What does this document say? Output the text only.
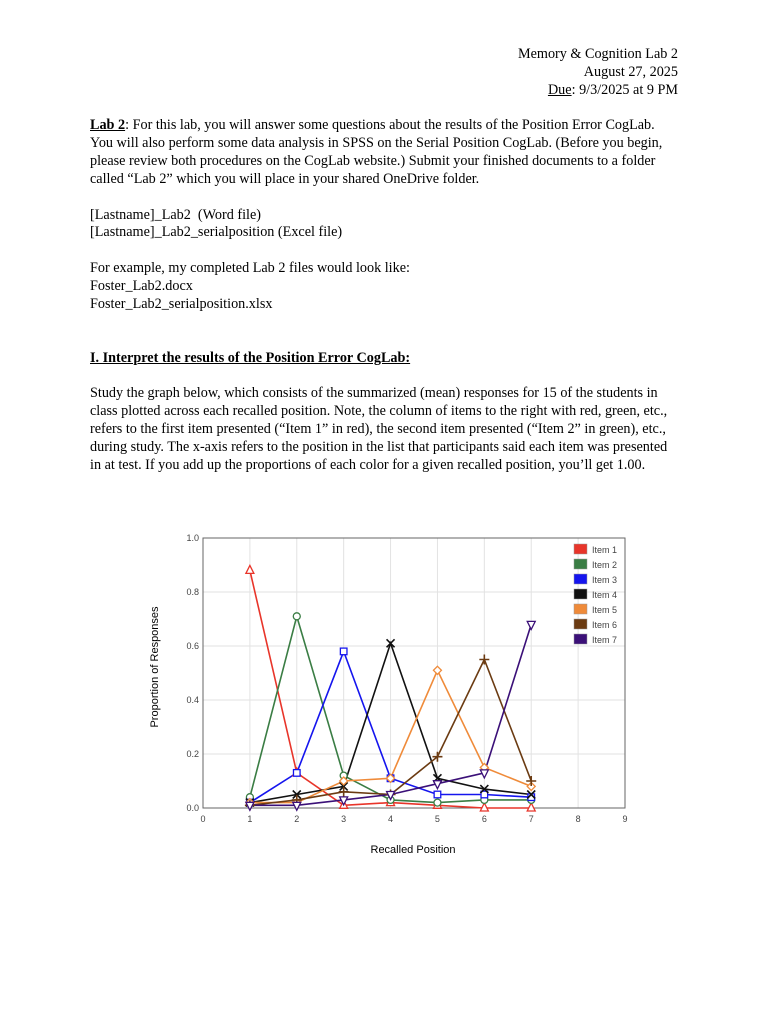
Memory & Cognition Lab 2
August 27, 2025
Due: 9/3/2025 at 9 PM

Lab 2: For this lab, you will answer some questions about the results of the Position Error CogLab. You will also perform some data analysis in SPSS on the Serial Position CogLab. (Before you begin, please review both procedures on the CogLab website.) Submit your finished documents to a folder called “Lab 2” which you will place in your shared OneDrive folder.

[Lastname]_Lab2  (Word file)
[Lastname]_Lab2_serialposition (Excel file)
For example, my completed Lab 2 files would look like:
Foster_Lab2.docx
Foster_Lab2_serialposition.xlsx
I. Interpret the results of the Position Error CogLab:

Study the graph below, which consists of the summarized (mean) responses for 15 of the students in class plotted across each recalled position. Note, the column of items to the right with red, green, etc., refers to the first item presented (“Item 1” in red), the second item presented (“Item 2” in green), etc., during study. The x-axis refers to the position in the list that participants said each item was presented in at test. If you add up the proportions of each color for a given recalled position, you’ll get 1.00.

Proportion of Responses
Recalled Position
0.0
0.2
0.4
0.6
0.8
1.0
0	1	2	3	4	5	6	7	8	9
Item 1
Item 2
Item 3
Item 4
Item 5
Item 6
Item 7
